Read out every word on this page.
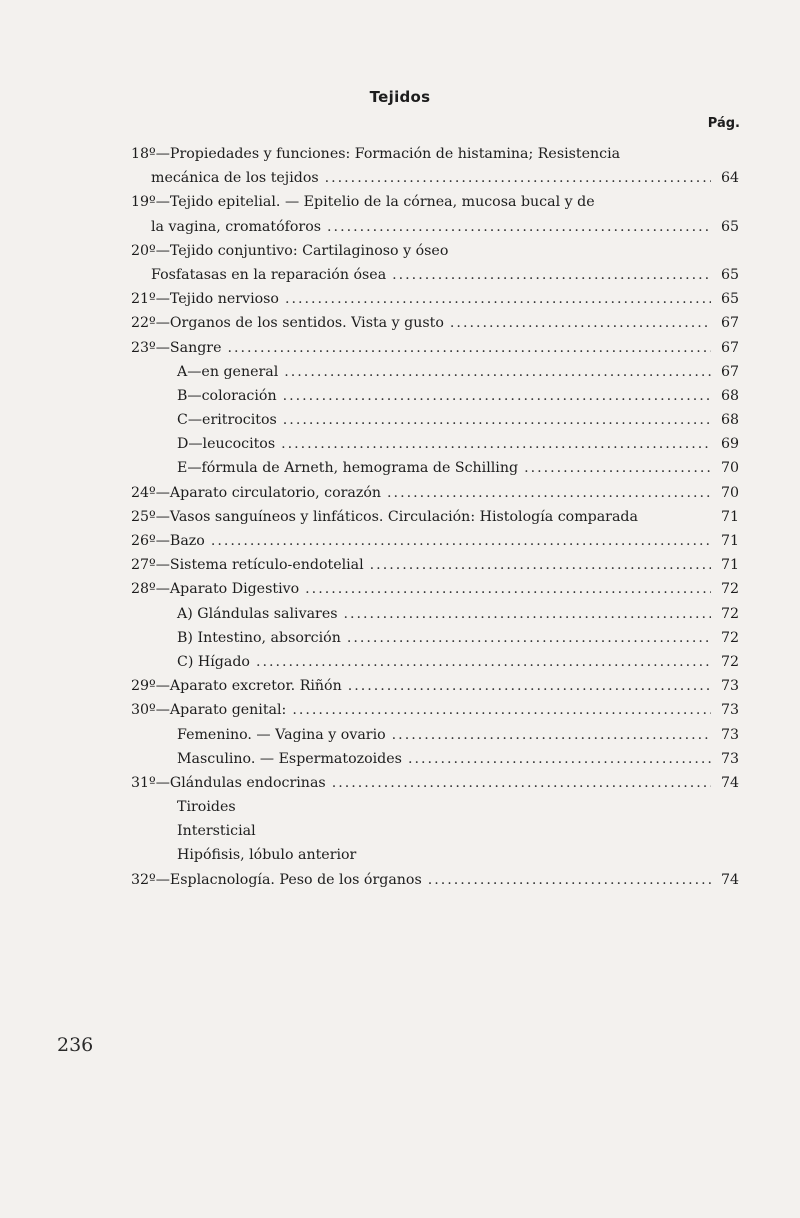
Tejidos
Pág.
18º—Propiedades y funciones: Formación de histamina; Resistencia
mecánica de los tejidos .....	64
19º—Tejido epitelial. — Epitelio de la córnea, mucosa bucal y de
la vagina, cromatóforos .....	65
20º—Tejido conjuntivo: Cartilaginoso y óseo
Fosfatasas en la reparación ósea .....	65
21º—Tejido nervioso .....	65
22º—Organos de los sentidos. Vista y gusto .....	67
23º—Sangre .....	67
A—en general .....	67
B—coloración .....	68
C—eritrocitos .....	68
D—leucocitos .....	69
E—fórmula de Arneth, hemograma de Schilling .....	70
24º—Aparato circulatorio, corazón .....	70
25º—Vasos sanguíneos y linfáticos. Circulación: Histología comparada	71
26º—Bazo .....	71
27º—Sistema retículo-endotelial .....	71
28º—Aparato Digestivo .....	72
A) Glándulas salivares .....	72
B) Intestino, absorción .....	72
C) Hígado .....	72
29º—Aparato excretor. Riñón .....	73
30º—Aparato genital: .....	73
Femenino. — Vagina y ovario .....	73
Masculino. — Espermatozoides .....	73
31º—Glándulas endocrinas .....	74
Tiroides
Intersticial
Hipófisis, lóbulo anterior
32º—Esplacnología. Peso de los órganos .....	74
236
